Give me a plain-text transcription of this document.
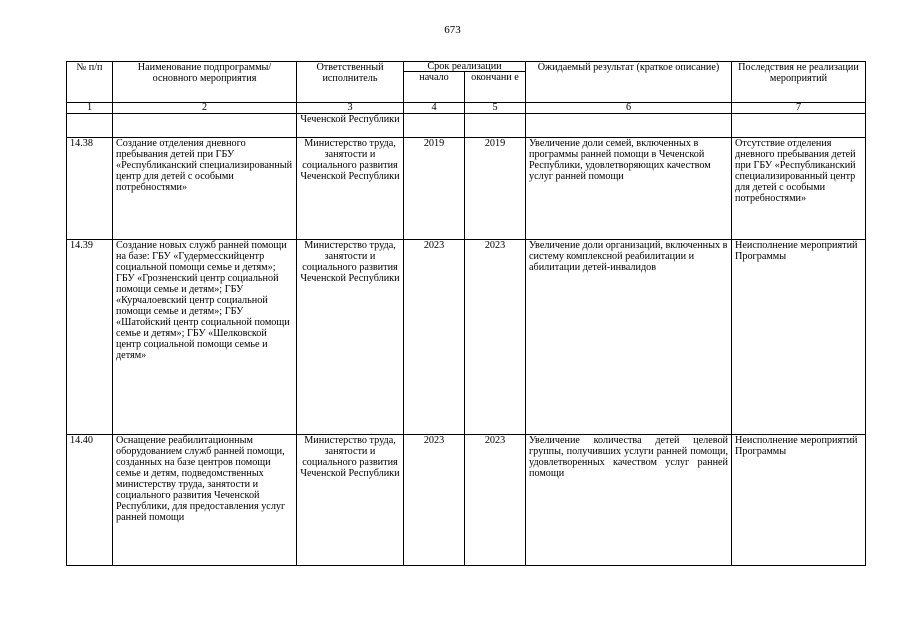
673
№ п/п	Наименование подпрограммы/ основного мероприятия	Ответственный исполнитель	Срок реализации		Ожидаемый результат (краткое описание)	Последствия не реализации мероприятий
			начало	окончани е		
1	2	3	4	5	6	7
		Чеченской Республики				
14.38	Создание отделения дневного пребывания детей при ГБУ «Республиканский специализированный центр для детей с особыми потребностями»	Министерство труда, занятости и социального развития Чеченской Республики	2019	2019	Увеличение доли семей, включенных в программы ранней помощи в Чеченской Республики, удовлетворяющих качеством услуг ранней помощи	Отсутствие отделения дневного пребывания детей при ГБУ «Республиканский специализированный центр для детей с особыми потребностями»
14.39	Создание новых служб ранней помощи на базе: ГБУ «Гудермесскийцентр социальной помощи семье и детям»; ГБУ «Грозненский центр социальной помощи семье и детям»; ГБУ «Курчалоевский центр социальной помощи семье и детям»; ГБУ «Шатойский центр социальной помощи семье и детям»; ГБУ «Шелковской центр социальной помощи семье и детям»	Министерство труда, занятости и социального развития Чеченской Республики	2023	2023	Увеличение доли организаций, включенных в систему комплексной реабилитации и абилитации детей-инвалидов	Неисполнение мероприятий Программы
14.40	Оснащение реабилитационным оборудованием служб ранней помощи, созданных на базе центров помощи семье и детям, подведомственных министерству труда, занятости и социального развития Чеченской Республики, для предоставления услуг ранней помощи	Министерство труда, занятости и социального развития Чеченской Республики	2023	2023	Увеличение количества детей целевой группы, получивших услуги ранней помощи, удовлетворенных качеством услуг ранней помощи	Неисполнение мероприятий Программы
